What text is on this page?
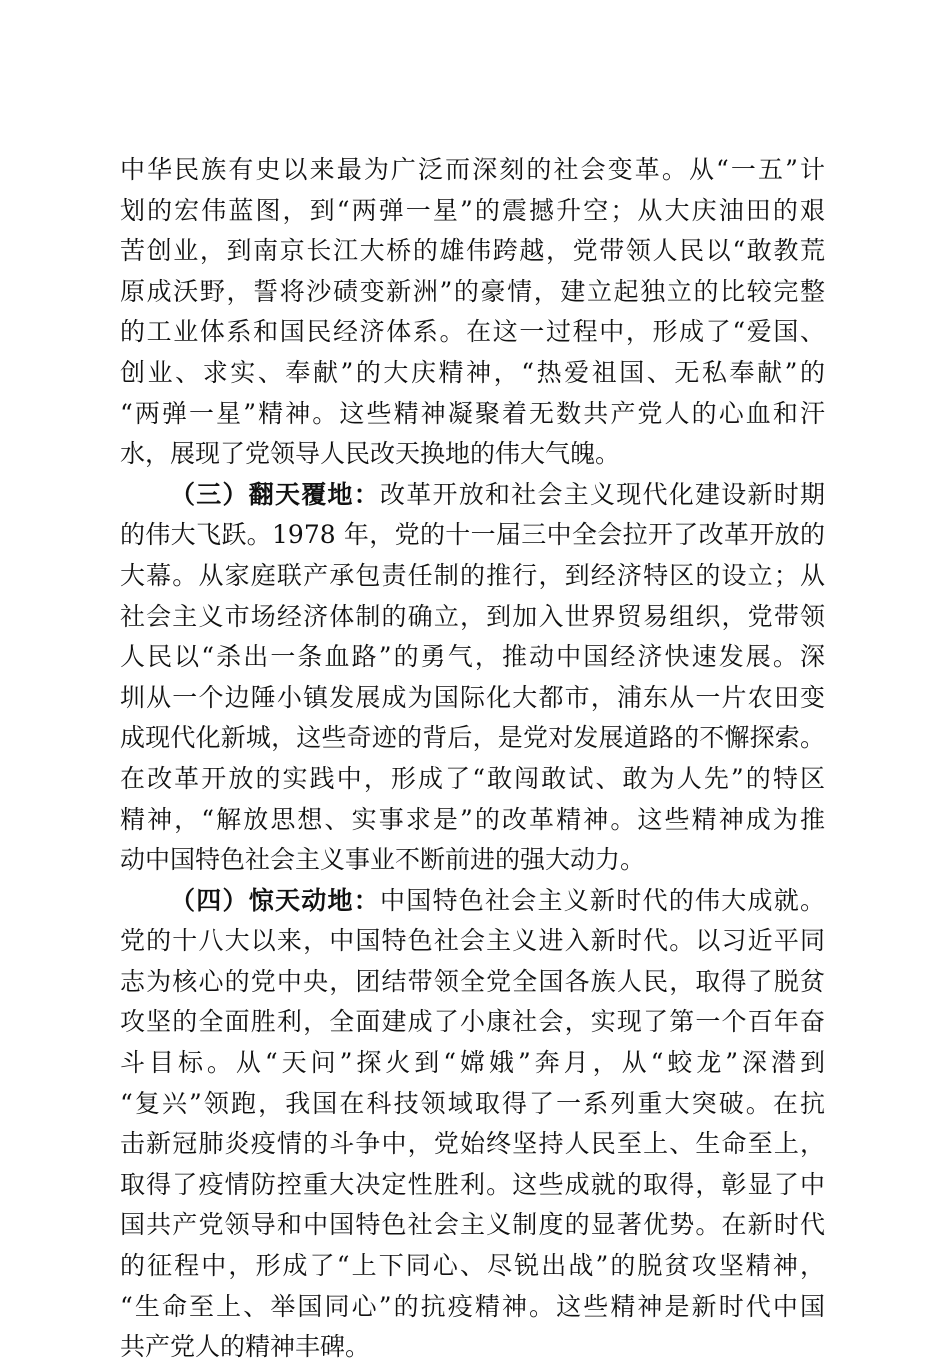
中华民族有史以来最为广泛而深刻的社会变革。从“一五”计
划的宏伟蓝图，到“两弹一星”的震撼升空；从大庆油田的艰
苦创业，到南京长江大桥的雄伟跨越，党带领人民以“敢教荒
原成沃野，誓将沙碛变新洲”的豪情，建立起独立的比较完整
的工业体系和国民经济体系。在这一过程中，形成了“爱国、
创业、求实、奉献”的大庆精神，“热爱祖国、无私奉献”的
“两弹一星”精神。这些精神凝聚着无数共产党人的心血和汗
水，展现了党领导人民改天换地的伟大气魄。
（三）翻天覆地：改革开放和社会主义现代化建设新时期
的伟大飞跃。1978 年，党的十一届三中全会拉开了改革开放的
大幕。从家庭联产承包责任制的推行，到经济特区的设立；从
社会主义市场经济体制的确立，到加入世界贸易组织，党带领
人民以“杀出一条血路”的勇气，推动中国经济快速发展。深
圳从一个边陲小镇发展成为国际化大都市，浦东从一片农田变
成现代化新城，这些奇迹的背后，是党对发展道路的不懈探索。
在改革开放的实践中，形成了“敢闯敢试、敢为人先”的特区
精神，“解放思想、实事求是”的改革精神。这些精神成为推
动中国特色社会主义事业不断前进的强大动力。
（四）惊天动地：中国特色社会主义新时代的伟大成就。
党的十八大以来，中国特色社会主义进入新时代。以习近平同
志为核心的党中央，团结带领全党全国各族人民，取得了脱贫
攻坚的全面胜利，全面建成了小康社会，实现了第一个百年奋
斗目标。从“天问”探火到“嫦娥”奔月，从“蛟龙”深潜到
“复兴”领跑，我国在科技领域取得了一系列重大突破。在抗
击新冠肺炎疫情的斗争中，党始终坚持人民至上、生命至上，
取得了疫情防控重大决定性胜利。这些成就的取得，彰显了中
国共产党领导和中国特色社会主义制度的显著优势。在新时代
的征程中，形成了“上下同心、尽锐出战”的脱贫攻坚精神，
“生命至上、举国同心”的抗疫精神。这些精神是新时代中国
共产党人的精神丰碑。
